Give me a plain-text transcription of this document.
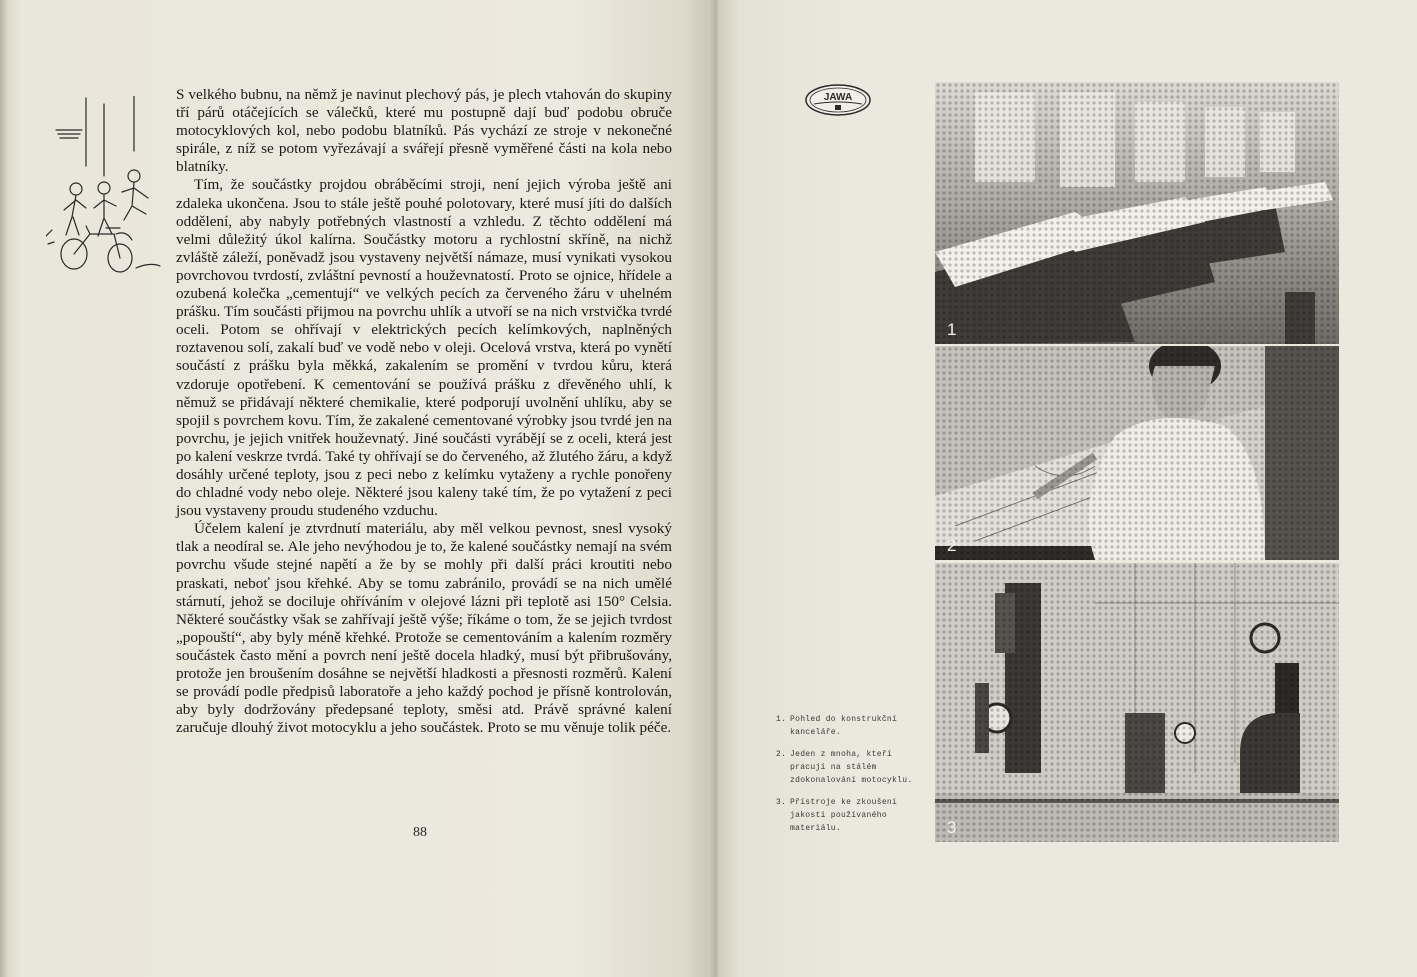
S velkého bubnu, na němž je navinut plechový pás, je plech vtahován do skupiny tří párů otáčejících se válečků, které mu postupně dají buď podobu obruče motocyklových kol, nebo podobu blatníků. Pás vychází ze stroje v nekonečné spirále, z níž se potom vyřezávají a svářejí přesně vyměřené části na kola nebo blatníky.

Tím, že součástky projdou obráběcími stroji, není jejich výroba ještě ani zdaleka ukončena. Jsou to stále ještě pouhé polotovary, které musí jíti do dalších oddělení, aby nabyly potřebných vlastností a vzhledu. Z těchto oddělení má velmi důležitý úkol kalírna. Součástky motoru a rychlostní skříně, na nichž zvláště záleží, poněvadž jsou vystaveny největší námaze, musí vynikati vysokou povrchovou tvrdostí, zvláštní pevností a houževnatostí. Proto se ojnice, hřídele a ozubená kolečka „cementují“ ve velkých pecích za červeného žáru v uhelném prášku. Tím součásti přijmou na povrchu uhlík a utvoří se na nich vrstvička tvrdé oceli. Potom se ohřívají v elektrických pecích kelímkových, naplněných roztavenou solí, zakalí buď ve vodě nebo v oleji. Ocelová vrstva, která po vynětí součástí z prášku byla měkká, zakalením se promění v tvrdou kůru, která vzdoruje opotřebení. K cementování se používá prášku z dřevěného uhlí, k němuž se přidávají některé chemikalie, které podporují uvolnění uhlíku, aby se spojil s povrchem kovu. Tím, že zakalené cementované výrobky jsou tvrdé jen na povrchu, je jejich vnitřek houževnatý. Jiné součásti vyrábějí se z oceli, která jest po kalení veskrze tvrdá. Také ty ohřívají se do červeného, až žlutého žáru, a když dosáhly určené teploty, jsou z peci nebo z kelímku vytaženy a rychle ponořeny do chladné vody nebo oleje. Některé jsou kaleny také tím, že po vytažení z peci jsou vystaveny proudu studeného vzduchu.

Účelem kalení je ztvrdnutí materiálu, aby měl velkou pevnost, snesl vysoký tlak a neodíral se. Ale jeho nevýhodou je to, že kalené součástky nemají na svém povrchu všude stejné napětí a že by se mohly při další práci kroutiti nebo praskati, neboť jsou křehké. Aby se tomu zabránilo, provádí se na nich umělé stárnutí, jehož se dociluje ohříváním v olejové lázni při teplotě asi 150° Celsia. Některé součástky však se zahřívají ještě výše; říkáme o tom, že se jejich tvrdost „popouští“, aby byly méně křehké. Protože se cementováním a kalením rozměry součástek často mění a povrch není ještě docela hladký, musí být přibrušovány, protože jen broušením dosáhne se největší hladkosti a přesnosti rozměrů. Kalení se provádí podle předpisů laboratoře a jeho každý pochod je přísně kontrolován, aby byly dodržovány předepsané teploty, směsi atd. Právě správné kalení zaručuje dlouhý život motocyklu a jeho součástek. Proto se mu věnuje tolik péče.

88
JAWA
1
2
3
1. Pohled do konstrukční kanceláře.
2. Jeden z mnoha, kteří pracují na stálém zdokonalování motocyklu.
3. Přístroje ke zkoušení jakosti používaného materiálu.
